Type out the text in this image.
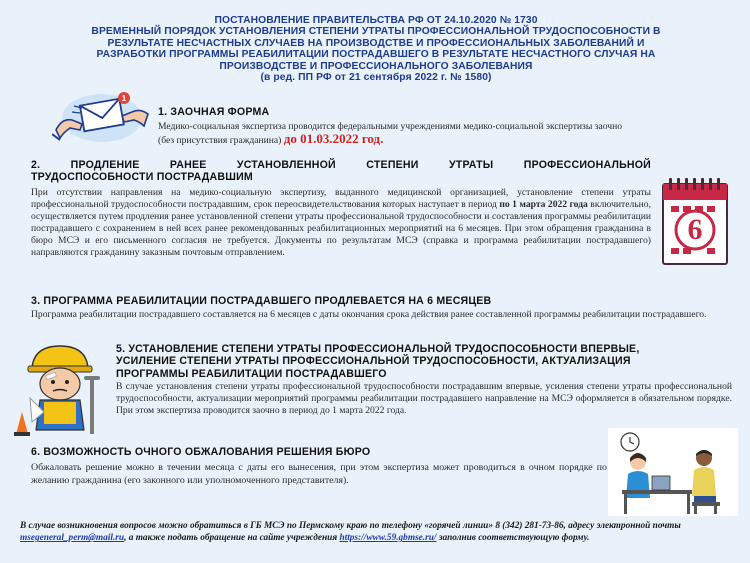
ПОСТАНОВЛЕНИЕ ПРАВИТЕЛЬСТВА РФ ОТ 24.10.2020 № 1730
ВРЕМЕННЫЙ ПОРЯДОК УСТАНОВЛЕНИЯ СТЕПЕНИ УТРАТЫ ПРОФЕССИОНАЛЬНОЙ ТРУДОСПОСОБНОСТИ В
РЕЗУЛЬТАТЕ НЕСЧАСТНЫХ СЛУЧАЕВ НА ПРОИЗВОДСТВЕ И ПРОФЕССИОНАЛЬНЫХ ЗАБОЛЕВАНИЙ И
РАЗРАБОТКИ ПРОГРАММЫ РЕАБИЛИТАЦИИ ПОСТРАДАВШЕГО В РЕЗУЛЬТАТЕ НЕСЧАСТНОГО СЛУЧАЯ НА
ПРОИЗВОДСТВЕ И ПРОФЕССИОНАЛЬНОГО ЗАБОЛЕВАНИЯ
(в ред. ПП РФ от 21 сентября 2022 г. № 1580)
1
1. ЗАОЧНАЯ ФОРМА
Медико-социальная экспертиза проводится федеральными учреждениями медико-социальной экспертизы заочно
(без присутствия гражданина) до 01.03.2022 год.
2. ПРОДЛЕНИЕ РАНЕЕ УСТАНОВЛЕННОЙ СТЕПЕНИ УТРАТЫ ПРОФЕССИОНАЛЬНОЙ
ТРУДОСПОСОБНОСТИ ПОСТРАДАВШИМ
При отсутствии направления на медико-социальную экспертизу, выданного медицинской организацией, установление степени утраты профессиональной трудоспособности пострадавшим, срок переосвидетельствования которых наступает в период по 1 марта 2022 года включительно, осуществляется путем продления ранее установленной степени утраты профессиональной трудоспособности и составления программы реабилитации пострадавшего с сохранением в ней всех ранее рекомендованных реабилитационных мероприятий на 6 месяцев. При этом обращения гражданина в бюро МСЭ и его письменного согласия не требуется. Документы по результатам МСЭ (справка и программа реабилитации пострадавшего) направляются гражданину заказным почтовым отправлением.
6
3. ПРОГРАММА РЕАБИЛИТАЦИИ ПОСТРАДАВШЕГО ПРОДЛЕВАЕТСЯ НА 6 МЕСЯЦЕВ
Программа реабилитации пострадавшего составляется на 6 месяцев с даты окончания срока действия ранее составленной программы реабилитации пострадавшего.
5. УСТАНОВЛЕНИЕ СТЕПЕНИ УТРАТЫ ПРОФЕССИОНАЛЬНОЙ ТРУДОСПОСОБНОСТИ ВПЕРВЫЕ,
УСИЛЕНИЕ СТЕПЕНИ УТРАТЫ ПРОФЕССИОНАЛЬНОЙ ТРУДОСПОСОБНОСТИ, АКТУАЛИЗАЦИЯ
ПРОГРАММЫ РЕАБИЛИТАЦИИ ПОСТРАДАВШЕГО
В случае установления степени утраты профессиональной трудоспособности пострадавшим впервые, усиления степени утраты профессиональной трудоспособности, актуализации мероприятий программы реабилитации пострадавшего направление на МСЭ оформляется в обязательном порядке. При этом экспертиза проводится заочно в период до 1 марта 2022 года.
6. ВОЗМОЖНОСТЬ ОЧНОГО ОБЖАЛОВАНИЯ РЕШЕНИЯ БЮРО
Обжаловать решение можно в течении месяца с даты его вынесения, при этом экспертиза может проводиться в очном порядке по желанию гражданина (его законного или уполномоченного представителя).
В случае возникновения вопросов можно обратиться в ГБ МСЭ по Пермскому краю по телефону «горячей линии» 8 (342) 281-73-86, адресу электронной почты msegeneral_perm@mail.ru, а также подать обращение на сайте учреждения https://www.59.gbmse.ru/ заполнив соответствующую форму.
